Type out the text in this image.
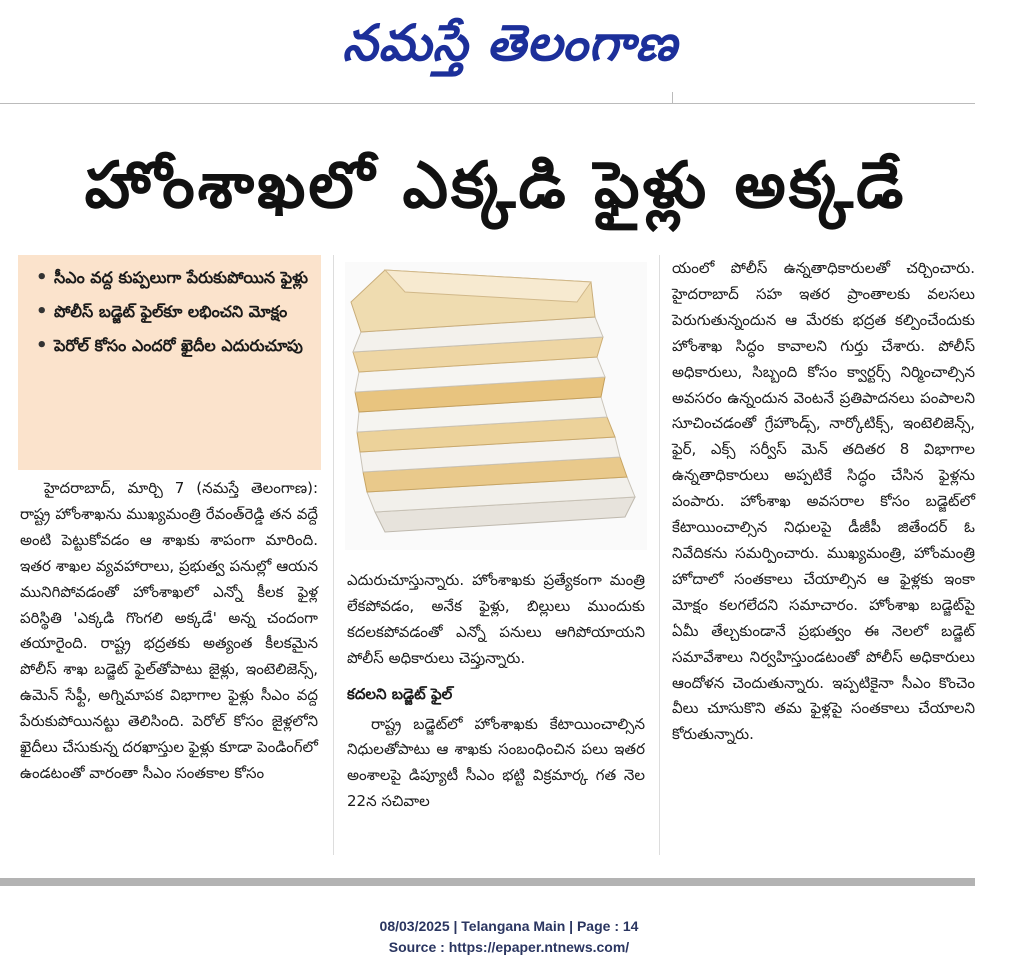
నమస్తే తెలంగాణ
హోంశాఖలో ఎక్కడి ఫైళ్లు అక్కడే
• సీఎం వద్ద కుప్పలుగా పేరుకుపోయిన ఫైళ్లు
• పోలీస్ బడ్జెట్ ఫైల్‌కూ లభించని మోక్షం
• పెరోల్ కోసం ఎందరో ఖైదీల ఎదురుచూపు

హైదరాబాద్, మార్చి 7 (నమస్తే తెలంగాణ): రాష్ట్ర హోంశాఖను ముఖ్యమంత్రి రేవంత్‌రెడ్డి తన వద్దే అంటి పెట్టుకోవడం ఆ శాఖకు శాపంగా మారింది. ఇతర శాఖల వ్యవహారాలు, ప్రభుత్వ పనుల్లో ఆయన మునిగిపోవడంతో హోంశాఖలో ఎన్నో కీలక ఫైళ్ల పరిస్థితి 'ఎక్కడి గొంగలి అక్కడే' అన్న చందంగా తయారైంది. రాష్ట్ర భద్రతకు అత్యంత కీలకమైన పోలీస్ శాఖ బడ్జెట్ ఫైల్‌తోపాటు జైళ్లు, ఇంటెలిజెన్స్, ఉమెన్ సేఫ్టీ, అగ్నిమాపక విభాగాల ఫైళ్లు సీఎం వద్ద పేరుకుపోయినట్టు తెలిసింది. పెరోల్ కోసం జైళ్లలోని ఖైదీలు చేసుకున్న దరఖాస్తుల ఫైళ్లు కూడా పెండింగ్‌లో ఉండటంతో వారంతా సీఎం సంతకాల కోసం

ఎదురుచూస్తున్నారు. హోంశాఖకు ప్రత్యేకంగా మంత్రి లేకపోవడం, అనేక ఫైళ్లు, బిల్లులు ముందుకు కదలకపోవడంతో ఎన్నో పనులు ఆగిపోయాయని పోలీస్ అధికారులు చెప్తున్నారు.

కదలని బడ్జెట్ ఫైల్

రాష్ట్ర బడ్జెట్‌లో హోంశాఖకు కేటాయించాల్సిన నిధులతోపాటు ఆ శాఖకు సంబంధించిన పలు ఇతర అంశాలపై డిప్యూటీ సీఎం భట్టి విక్రమార్క గత నెల 22న సచివాల

యంలో పోలీస్ ఉన్నతాధికారులతో చర్చించారు. హైదరాబాద్ సహ ఇతర ప్రాంతాలకు వలసలు పెరుగుతున్నందున ఆ మేరకు భద్రత కల్పించేందుకు హోంశాఖ సిద్ధం కావాలని గుర్తు చేశారు. పోలీస్ అధికారులు, సిబ్బంది కోసం క్వార్టర్స్ నిర్మించాల్సిన అవసరం ఉన్నందున వెంటనే ప్రతిపాదనలు పంపాలని సూచించడంతో గ్రేహౌండ్స్, నార్కోటిక్స్, ఇంటెలిజెన్స్, ఫైర్, ఎక్స్ సర్వీస్ మెన్ తదితర 8 విభాగాల ఉన్నతాధికారులు అప్పటికే సిద్ధం చేసిన ఫైళ్లను పంపారు. హోంశాఖ అవసరాల కోసం బడ్జెట్‌లో కేటాయించాల్సిన నిధులపై డీజీపీ జితేందర్ ఓ నివేదికను సమర్పించారు. ముఖ్యమంత్రి, హోంమంత్రి హోదాలో సంతకాలు చేయాల్సిన ఆ ఫైళ్లకు ఇంకా మోక్షం కలగలేదని సమాచారం. హోంశాఖ బడ్జెట్‌పై ఏమీ తేల్చకుండానే ప్రభుత్వం ఈ నెలలో బడ్జెట్ సమావేశాలు నిర్వహిస్తుండటంతో పోలీస్ అధికారులు ఆందోళన చెందుతున్నారు. ఇప్పటికైనా సీఎం కొంచెం వీలు చూసుకొని తమ ఫైళ్లపై సంతకాలు చేయాలని కోరుతున్నారు.

08/03/2025 | Telangana Main | Page : 14
Source : https://epaper.ntnews.com/
